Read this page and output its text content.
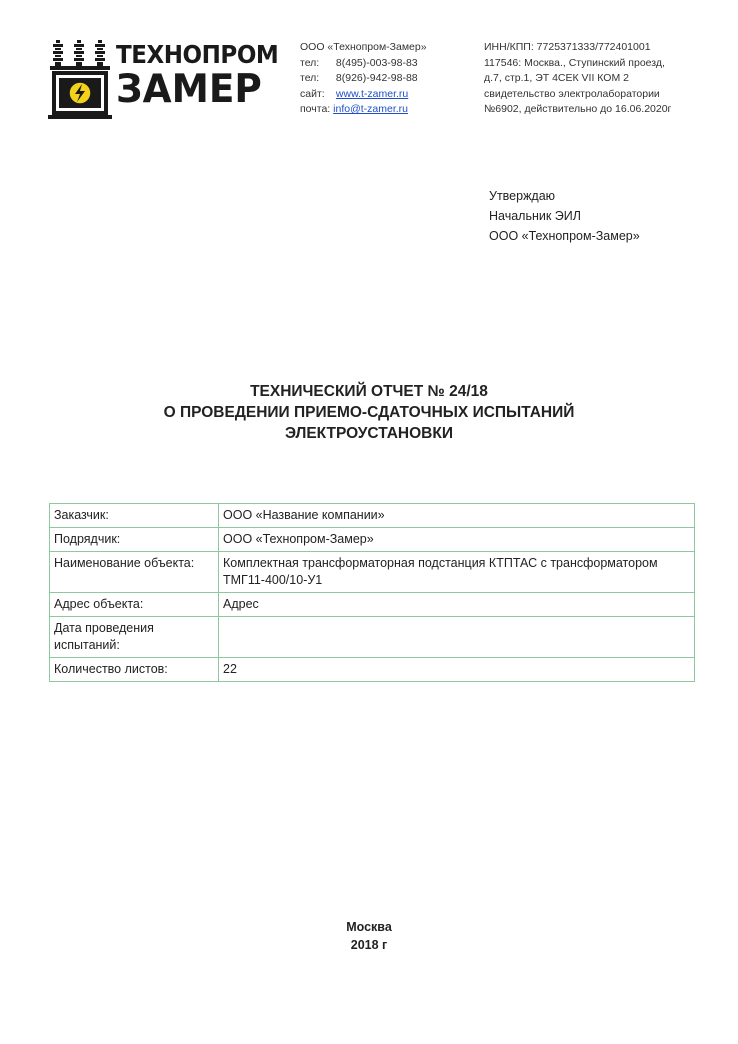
ТЕХНОПРОМ
ЗАМЕР
ООО «Технопром-Замер»
тел: 8(495)-003-98-83
тел: 8(926)-942-98-88
сайт: www.t-zamer.ru
почта: info@t-zamer.ru
ИНН/КПП: 7725371333/772401001
117546: Москва., Ступинский проезд,
д.7, стр.1, ЭТ 4СЕК VII КОМ 2
свидетельство электролаборатории
№6902, действительно до 16.06.2020г
Утверждаю
Начальник ЭИЛ
ООО «Технопром-Замер»
ТЕХНИЧЕСКИЙ ОТЧЕТ № 24/18
О ПРОВЕДЕНИИ ПРИЕМО-СДАТОЧНЫХ ИСПЫТАНИЙ
ЭЛЕКТРОУСТАНОВКИ
Заказчик:	ООО «Название компании»
Подрядчик:	ООО «Технопром-Замер»
Наименование объекта:	Комплектная трансформаторная подстанция КТПТАС с трансформатором ТМГ11-400/10-У1
Адрес объекта:	Адрес
Дата проведения испытаний:	
Количество листов:	22
Москва
2018 г
